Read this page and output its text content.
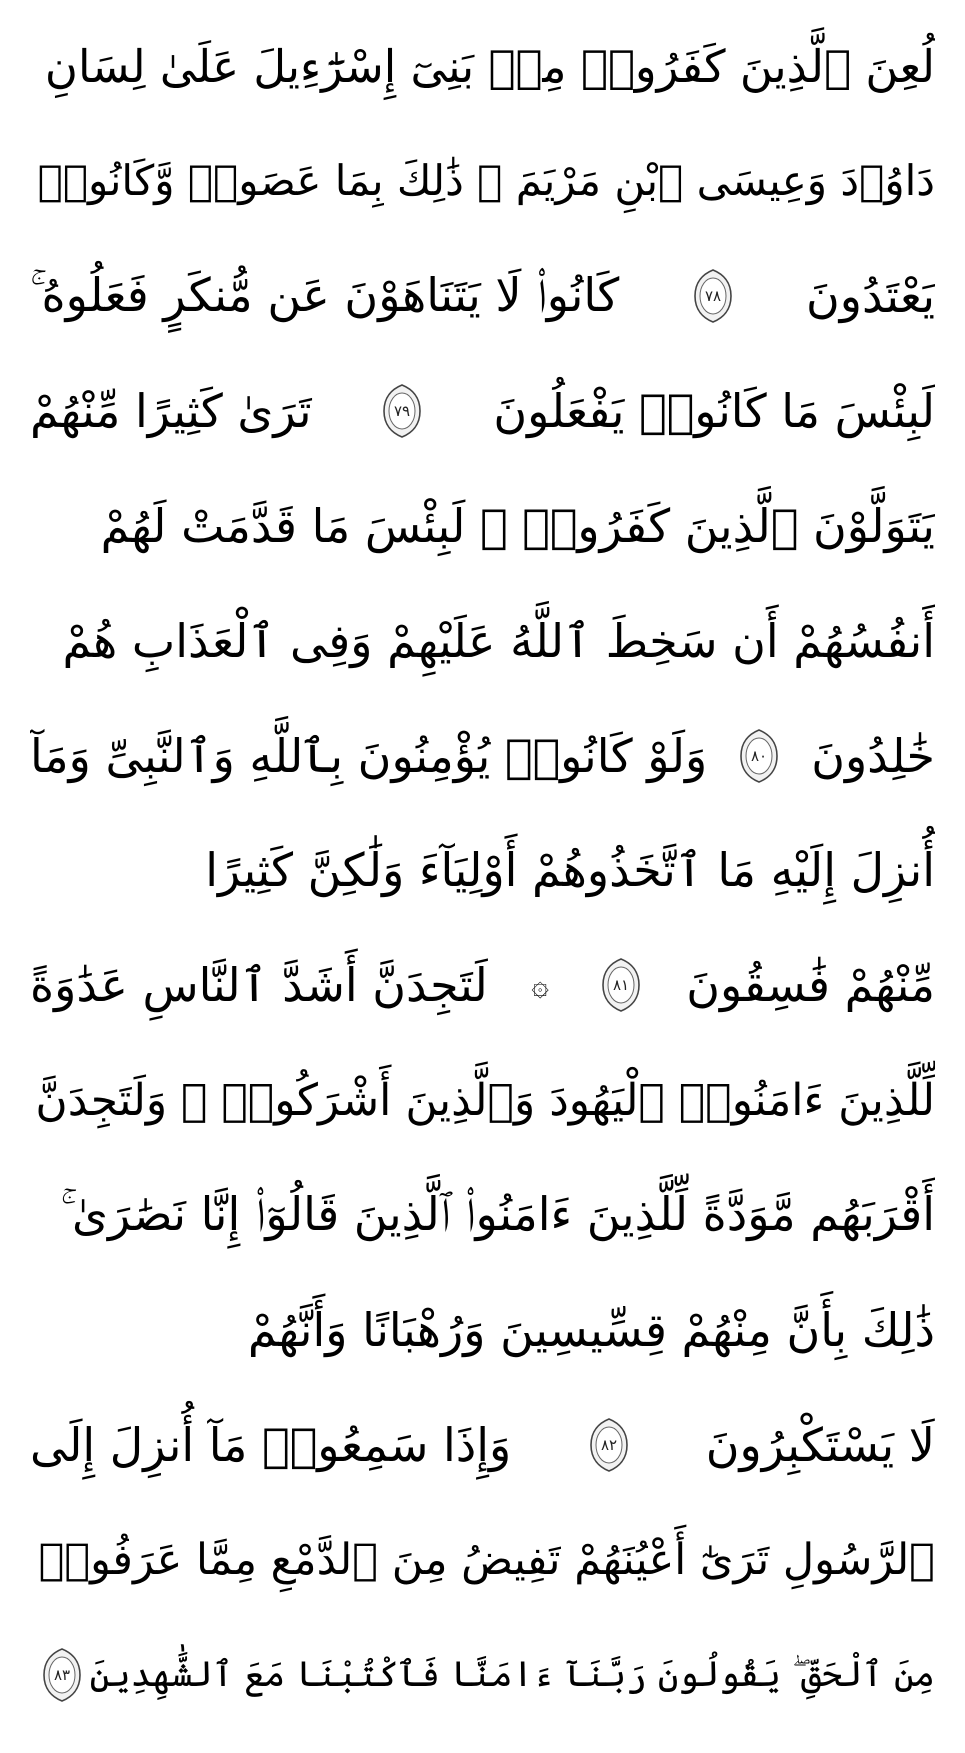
لُعِنَ ٱلَّذِينَ كَفَرُوا۟ مِنۢ بَنِىٓ إِسْرَٰٓءِيلَ عَلَىٰ لِسَانِ
دَاوُۥدَ وَعِيسَى ٱبْنِ مَرْيَمَ ۚ ذَٰلِكَ بِمَا عَصَوا۟ وَّكَانُوا۟
يَعْتَدُونَ
٧٨
كَانُوا۟ لَا يَتَنَاهَوْنَ عَن مُّنكَرٍ فَعَلُوهُ ۚ
لَبِئْسَ مَا كَانُوا۟ يَفْعَلُونَ
٧٩
تَرَىٰ كَثِيرًا مِّنْهُمْ
يَتَوَلَّوْنَ ٱلَّذِينَ كَفَرُوا۟ ۚ لَبِئْسَ مَا قَدَّمَتْ لَهُمْ
أَنفُسُهُمْ أَن سَخِطَ ٱللَّهُ عَلَيْهِمْ وَفِى ٱلْعَذَابِ هُمْ
خَٰلِدُونَ
٨٠
وَلَوْ كَانُوا۟ يُؤْمِنُونَ بِٱللَّهِ وَٱلنَّبِىِّ وَمَآ
أُنزِلَ إِلَيْهِ مَا ٱتَّخَذُوهُمْ أَوْلِيَآءَ وَلَٰكِنَّ كَثِيرًا
مِّنْهُمْ فَٰسِقُونَ
٨١
۞
لَتَجِدَنَّ أَشَدَّ ٱلنَّاسِ عَدَٰوَةً
لِّلَّذِينَ ءَامَنُوا۟ ٱلْيَهُودَ وَٱلَّذِينَ أَشْرَكُوا۟ ۖ وَلَتَجِدَنَّ
أَقْرَبَهُم مَّوَدَّةً لِّلَّذِينَ ءَامَنُوا۟ ٱلَّذِينَ قَالُوٓا۟ إِنَّا نَصَٰرَىٰ ۚ
ذَٰلِكَ بِأَنَّ مِنْهُمْ قِسِّيسِينَ وَرُهْبَانًا وَأَنَّهُمْ
لَا يَسْتَكْبِرُونَ
٨٢
وَإِذَا سَمِعُوا۟ مَآ أُنزِلَ إِلَى
ٱلرَّسُولِ تَرَىٰٓ أَعْيُنَهُمْ تَفِيضُ مِنَ ٱلدَّمْعِ مِمَّا عَرَفُوا۟
مِنَ ٱلْحَقِّ ۖ يَقُولُونَ رَبَّنَآ ءَامَنَّا فَٱكْتُبْنَا مَعَ ٱلشَّٰهِدِينَ
٨٣
